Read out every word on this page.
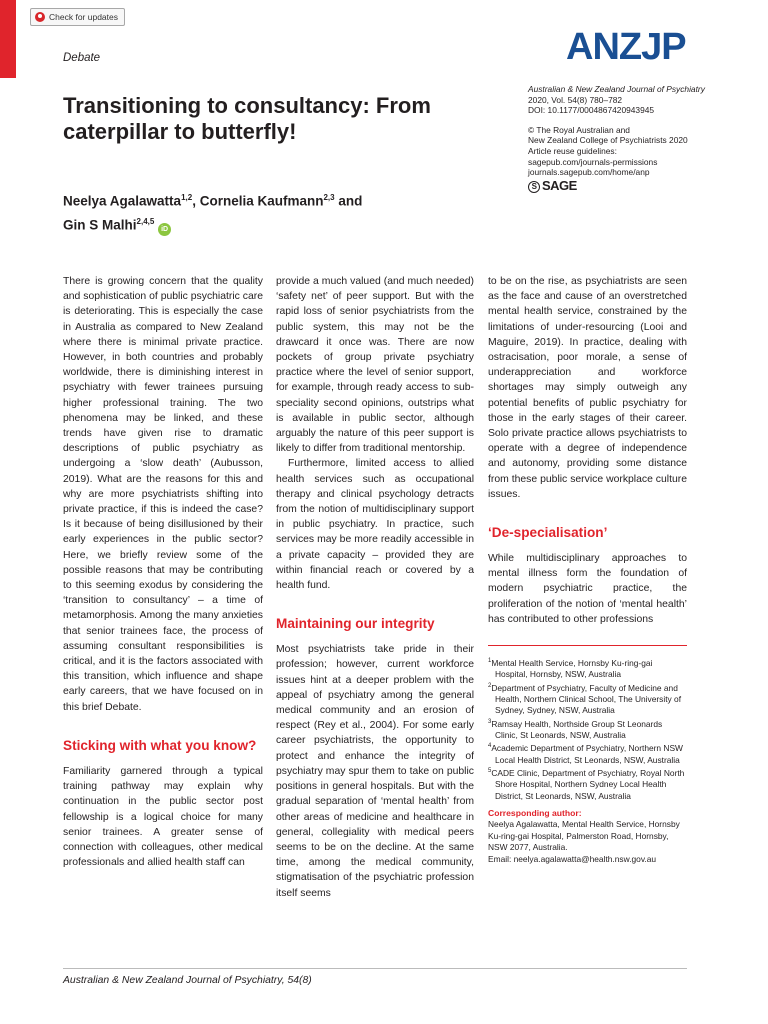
Check for updates
Debate	ANZJP
Australian & New Zealand Journal of Psychiatry
2020, Vol. 54(8) 780–782
DOI: 10.1177/0004867420943945
© The Royal Australian and
New Zealand College of Psychiatrists 2020
Article reuse guidelines:
sagepub.com/journals-permissions
journals.sagepub.com/home/anp
S SAGE
Transitioning to consultancy: From caterpillar to butterfly!
Neelya Agalawatta$^{1,2}$, Cornelia Kaufmann$^{2,3}$ and
Gin S Malhi$^{2,4,5}$ iD

There is growing concern that the quality and sophistication of public psychiatric care is deteriorating. This is especially the case in Australia as compared to New Zealand where there is minimal private practice. However, in both countries and probably worldwide, there is diminishing interest in psychiatry with fewer trainees pursuing higher professional training. The two phenomena may be linked, and these trends have given rise to dramatic descriptions of public psychiatry as undergoing a ‘slow death’ (Aubusson, 2019). What are the reasons for this and why are more psychiatrists shifting into private practice, if this is indeed the case? Is it because of being disillusioned by their early experiences in the public sector? Here, we briefly review some of the possible reasons that may be contributing to this seeming exodus by considering the ‘transition to consultancy’ – a time of metamorphosis. Among the many anxieties that senior trainees face, the process of assuming consultant responsibilities is critical, and it is the factors associated with this transition, which influence and shape early careers, that we have focused on in this brief Debate.

Sticking with what you know?

Familiarity garnered through a typical training pathway may explain why continuation in the public sector post fellowship is a logical choice for many senior trainees. A greater sense of connection with colleagues, other medical professionals and allied health staff can

provide a much valued (and much needed) ‘safety net’ of peer support. But with the rapid loss of senior psychiatrists from the public system, this may not be the drawcard it once was. There are now pockets of group private psychiatry practice where the level of senior support, for example, through ready access to sub-speciality second opinions, outstrips what is available in public sector, although arguably the nature of this peer support is likely to differ from traditional mentorship.

Furthermore, limited access to allied health services such as occupational therapy and clinical psychology detracts from the notion of multidisciplinary support in public psychiatry. In practice, such services may be more readily accessible in a private capacity – provided they are within financial reach or covered by a health fund.

Maintaining our integrity

Most psychiatrists take pride in their profession; however, current workforce issues hint at a deeper problem with the appeal of psychiatry among the general medical community and an erosion of respect (Rey et al., 2004). For some early career psychiatrists, the opportunity to protect and enhance the integrity of psychiatry may spur them to take on public positions in general hospitals. But with the gradual separation of ‘mental health’ from other areas of medicine and healthcare in general, collegiality with medical peers seems to be on the decline. At the same time, among the medical community, stigmatisation of the psychiatric profession itself seems

to be on the rise, as psychiatrists are seen as the face and cause of an overstretched mental health service, constrained by the limitations of under-resourcing (Looi and Maguire, 2019). In practice, dealing with ostracisation, poor morale, a sense of underappreciation and workforce shortages may simply outweigh any potential benefits of public psychiatry for those in the early stages of their career. Solo private practice allows psychiatrists to operate with a degree of independence and autonomy, providing some distance from these public service workplace culture issues.

‘De-specialisation’

While multidisciplinary approaches to mental illness form the foundation of modern psychiatric practice, the proliferation of the notion of ‘mental health’ has contributed to other professions

$^1$Mental Health Service, Hornsby Ku-ring-gai Hospital, Hornsby, NSW, Australia
$^2$Department of Psychiatry, Faculty of Medicine and Health, Northern Clinical School, The University of Sydney, Sydney, NSW, Australia
$^3$Ramsay Health, Northside Group St Leonards Clinic, St Leonards, NSW, Australia
$^4$Academic Department of Psychiatry, Northern NSW Local Health District, St Leonards, NSW, Australia
$^5$CADE Clinic, Department of Psychiatry, Royal North Shore Hospital, Northern Sydney Local Health District, St Leonards, NSW, Australia
Corresponding author:
Neelya Agalawatta, Mental Health Service, Hornsby Ku-ring-gai Hospital, Palmerston Road, Hornsby, NSW 2077, Australia.
Email: neelya.agalawatta@health.nsw.gov.au
Australian & New Zealand Journal of Psychiatry, 54(8)
